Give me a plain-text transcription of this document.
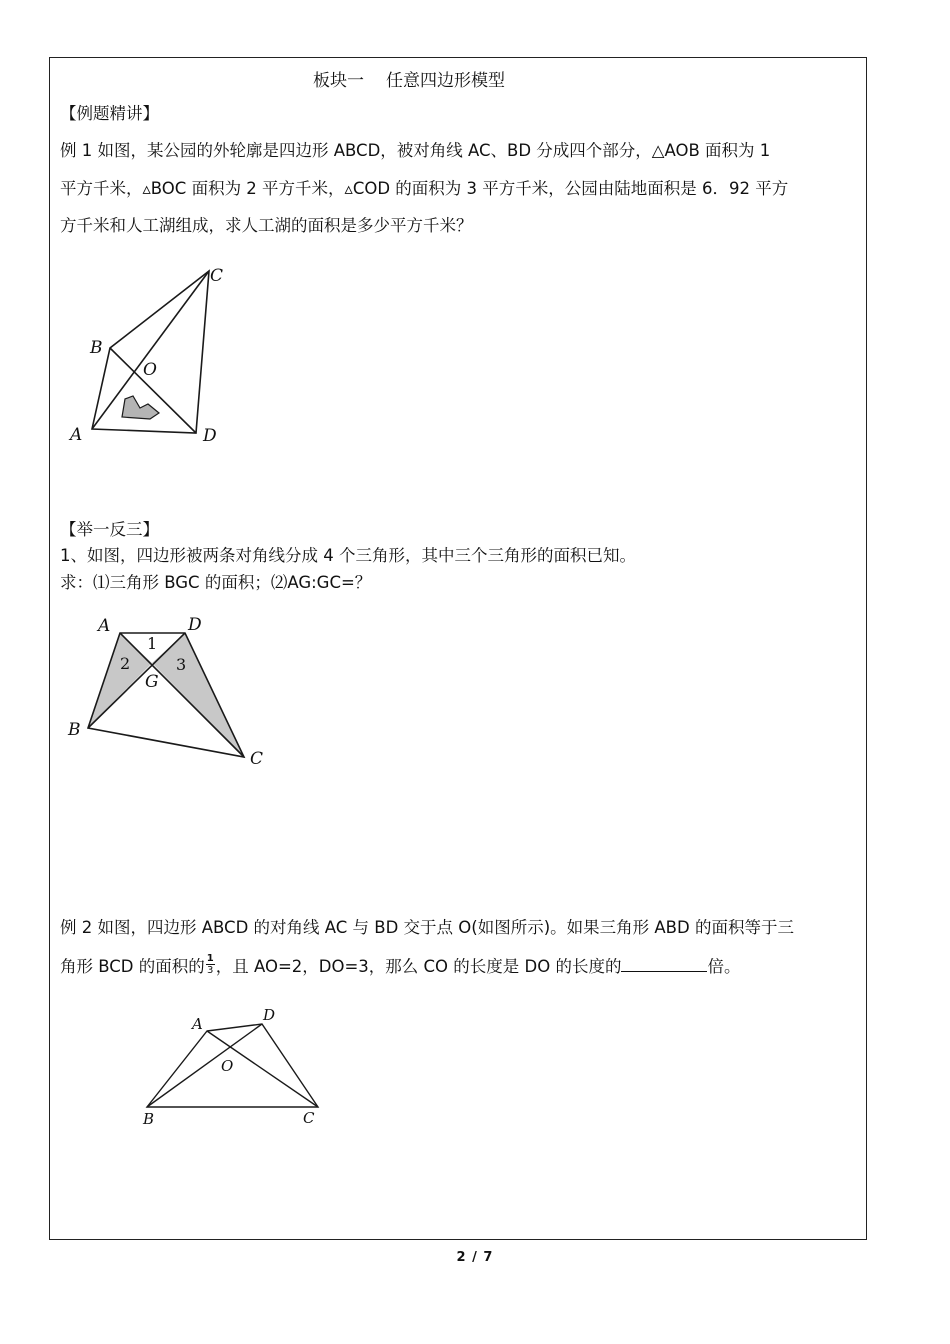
板块一 任意四边形模型
【例题精讲】
例 1 如图，某公园的外轮廓是四边形 ABCD，被对角线 AC、BD 分成四个部分，△AOB 面积为 1
平方千米，▵BOC 面积为 2 平方千米，▵COD 的面积为 3 平方千米，公园由陆地面积是 6．92 平方
方千米和人工湖组成，求人工湖的面积是多少平方千米？
C
B
O
A	D
【举一反三】
1、如图，四边形被两条对角线分成 4 个三角形，其中三个三角形的面积已知。
求：⑴三角形 BGC 的面积；⑵AG:GC=？
A	D
B
C
G
1
2	3
例 2 如图，四边形 ABCD 的对角线 AC 与 BD 交于点 O(如图所示)。如果三角形 ABD 的面积等于三
角形 BCD 的面积的 $\frac{1}{3}$ ，且 AO=2，DO=3，那么 CO 的长度是 DO 的长度的	倍。
A	D
O
B	C
2 / 7
